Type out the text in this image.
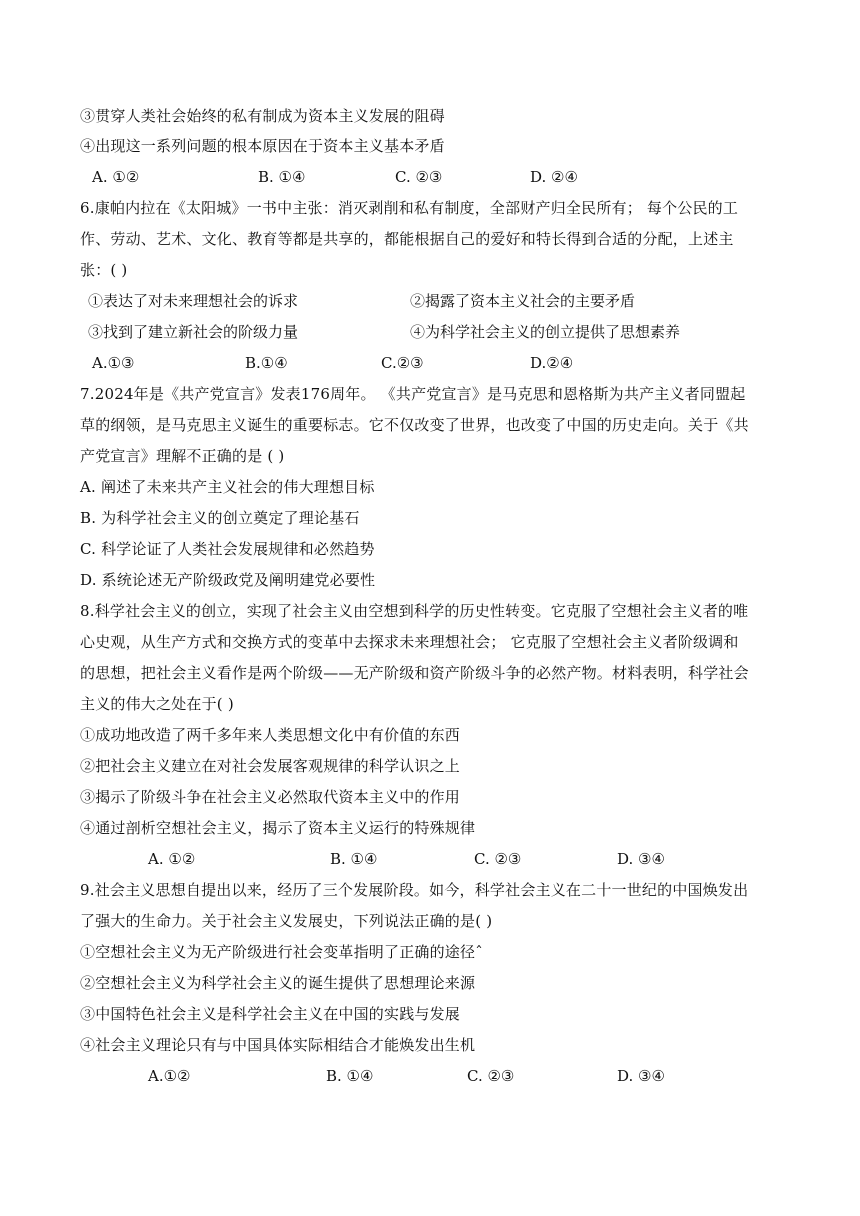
③贯穿人类社会始终的私有制成为资本主义发展的阻碍
④出现这一系列问题的根本原因在于资本主义基本矛盾
A. ①②	B. ①④	C. ②③	D. ②④
6.康帕内拉在《太阳城》一书中主张：消灭剥削和私有制度，全部财产归全民所有； 每个公民的工
作、劳动、艺术、文化、教育等都是共享的，都能根据自己的爱好和特长得到合适的分配，上述主
张：( )
①表达了对未来理想社会的诉求	②揭露了资本主义社会的主要矛盾
③找到了建立新社会的阶级力量	④为科学社会主义的创立提供了思想素养
A.①③	B.①④	C.②③	D.②④
7.2024年是《共产党宣言》发表176周年。 《共产党宣言》是马克思和恩格斯为共产主义者同盟起
草的纲领，是马克思主义诞生的重要标志。它不仅改变了世界，也改变了中国的历史走向。关于《共
产党宣言》理解不正确的是 ( )
A. 阐述了未来共产主义社会的伟大理想目标
B. 为科学社会主义的创立奠定了理论基石
C. 科学论证了人类社会发展规律和必然趋势
D. 系统论述无产阶级政党及阐明建党必要性
8.科学社会主义的创立，实现了社会主义由空想到科学的历史性转变。它克服了空想社会主义者的唯
心史观，从生产方式和交换方式的变革中去探求未来理想社会； 它克服了空想社会主义者阶级调和
的思想，把社会主义看作是两个阶级——无产阶级和资产阶级斗争的必然产物。材料表明，科学社会
主义的伟大之处在于( )
①成功地改造了两千多年来人类思想文化中有价值的东西
②把社会主义建立在对社会发展客观规律的科学认识之上
③揭示了阶级斗争在社会主义必然取代资本主义中的作用
④通过剖析空想社会主义，揭示了资本主义运行的特殊规律
A. ①②	B. ①④	C. ②③	D. ③④
9.社会主义思想自提出以来，经历了三个发展阶段。如今，科学社会主义在二十一世纪的中国焕发出
了强大的生命力。关于社会主义发展史，下列说法正确的是( )
①空想社会主义为无产阶级进行社会变革指明了正确的途径ˆ
②空想社会主义为科学社会主义的诞生提供了思想理论来源
③中国特色社会主义是科学社会主义在中国的实践与发展
④社会主义理论只有与中国具体实际相结合才能焕发出生机
A.①②	B. ①④	C. ②③	D. ③④
